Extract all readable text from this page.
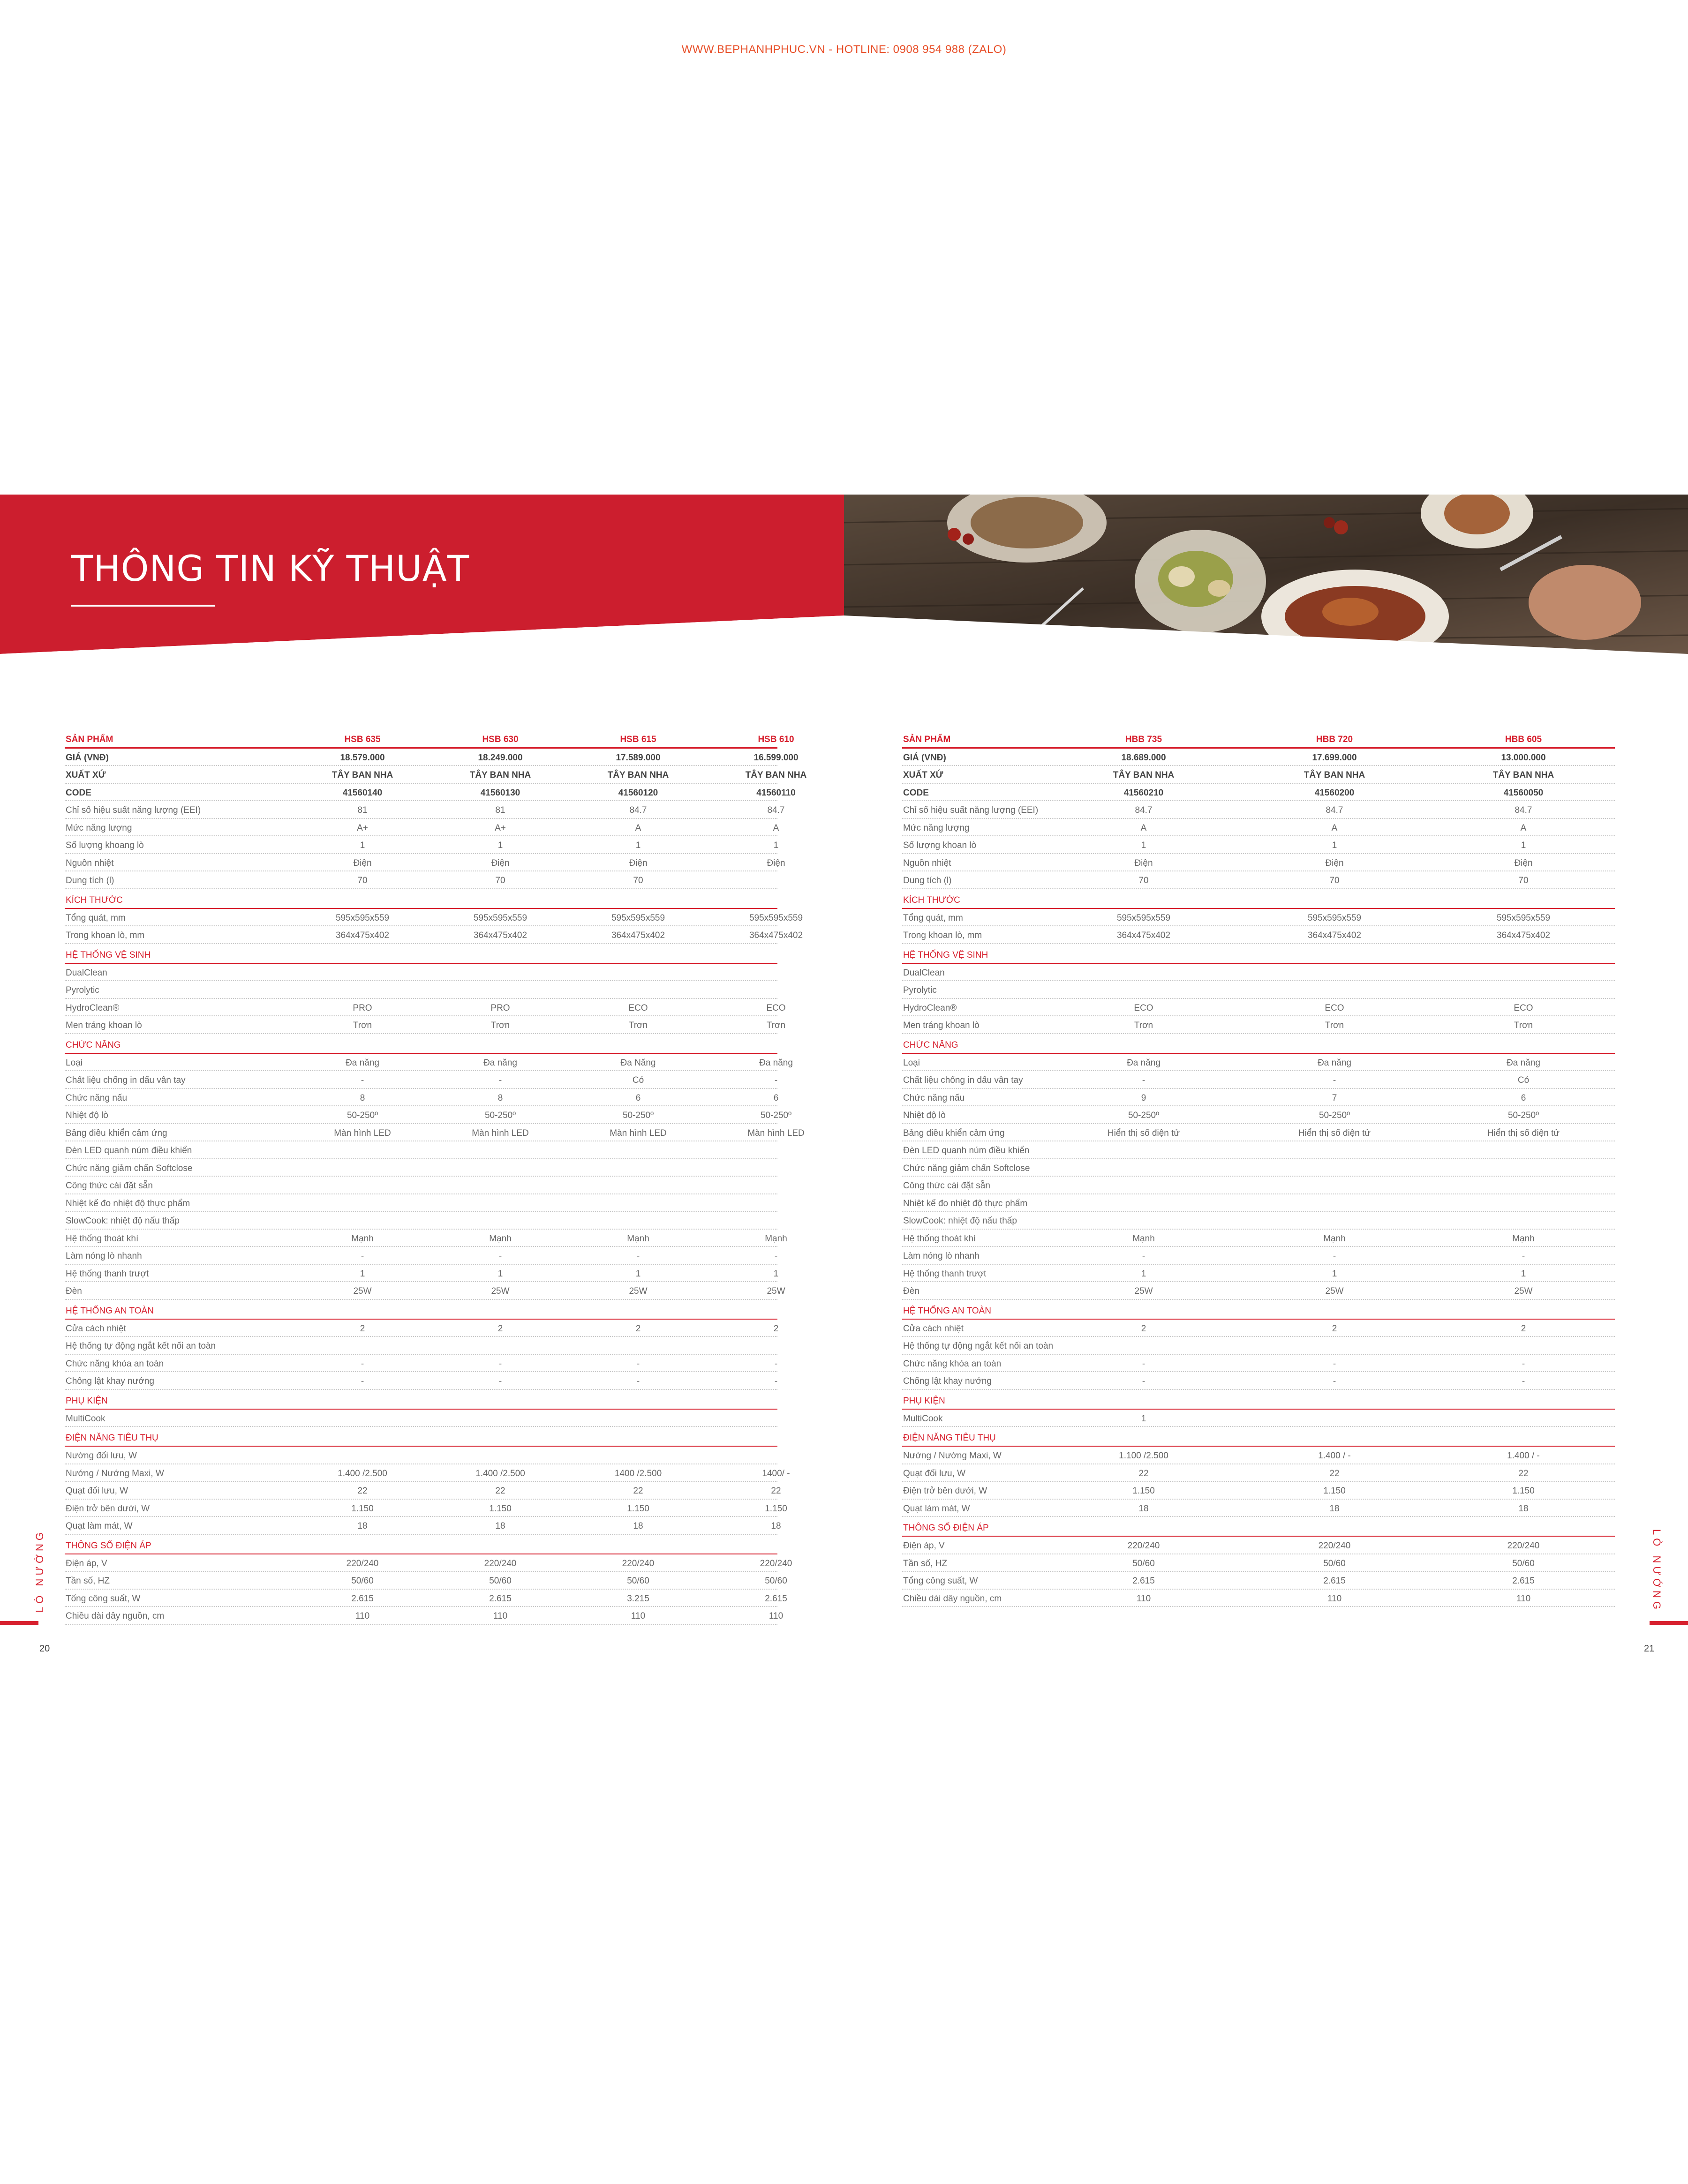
WWW.BEPHANHPHUC.VN - HOTLINE: 0908 954 988 (ZALO)
THÔNG TIN KỸ THUẬT
SẢN PHẨM	HSB 635	HSB 630	HSB 615	HSB 610
GIÁ (VNĐ)	18.579.000	18.249.000	17.589.000	16.599.000
XUẤT XỨ	TÂY BAN NHA	TÂY BAN NHA	TÂY BAN NHA	TÂY BAN NHA
CODE	41560140	41560130	41560120	41560110
Chỉ số hiệu suất năng lượng (EEI)	81	81	84.7	84.7
Mức năng lượng	A+	A+	A	A
Số lượng khoang lò	1	1	1	1
Nguồn nhiệt	Điện	Điện	Điện	Điện
Dung tích (l)	70	70	70
KÍCH THƯỚC
Tổng quát, mm	595x595x559	595x595x559	595x595x559	595x595x559
Trong khoan lò, mm	364x475x402	364x475x402	364x475x402	364x475x402
HỆ THỐNG VỆ SINH
DualClean
Pyrolytic
HydroClean®	PRO	PRO	ECO	ECO
Men tráng khoan lò	Trơn	Trơn	Trơn	Trơn
CHỨC NĂNG
Loại	Đa năng	Đa năng	Đa Năng	Đa năng
Chất liệu chống in dấu vân tay	-	-	Có	-
Chức năng nấu	8	8	6	6
Nhiệt độ lò	50-250º	50-250º	50-250º	50-250º
Bảng điều khiển cảm ứng	Màn hình LED	Màn hình LED	Màn hình LED	Màn hình LED
Đèn LED quanh núm điều khiển
Chức năng giảm chấn Softclose
Công thức cài đặt sẵn
Nhiệt kế đo nhiệt độ thực phẩm
SlowCook: nhiệt độ nấu thấp
Hệ thống thoát khí	Mạnh	Mạnh	Mạnh	Mạnh
Làm nóng lò nhanh	-	-	-	-
Hệ thống thanh trượt	1	1	1	1
Đèn	25W	25W	25W	25W
HỆ THỐNG AN TOÀN
Cửa cách nhiệt	2	2	2	2
Hệ thống tự động ngắt kết nối an toàn
Chức năng khóa an toàn	-	-	-	-
Chống lật khay nướng	-	-	-	-
PHỤ KIỆN
MultiCook
ĐIỆN NĂNG TIÊU THỤ
Nướng đối lưu, W
Nướng / Nướng Maxi, W	1.400 /2.500	1.400 /2.500	1400 /2.500	1400/ -
Quạt đối lưu, W	22	22	22	22
Điện trở bên dưới, W	1.150	1.150	1.150	1.150
Quạt làm mát, W	18	18	18	18
THÔNG SỐ ĐIỆN ÁP
Điện áp, V	220/240	220/240	220/240	220/240
Tần số, HZ	50/60	50/60	50/60	50/60
Tổng công suất, W	2.615	2.615	3.215	2.615
Chiều dài dây nguồn, cm	110	110	110	110
SẢN PHẨM	HBB 735	HBB 720	HBB 605
GIÁ (VNĐ)	18.689.000	17.699.000	13.000.000
XUẤT XỨ	TÂY BAN NHA	TÂY BAN NHA	TÂY BAN NHA
CODE	41560210	41560200	41560050
Chỉ số hiệu suất năng lượng (EEI)	84.7	84.7	84.7
Mức năng lượng	A	A	A
Số lượng khoan lò	1	1	1
Nguồn nhiệt	Điện	Điện	Điện
Dung tích (l)	70	70	70
KÍCH THƯỚC
Tổng quát, mm	595x595x559	595x595x559	595x595x559
Trong khoan lò, mm	364x475x402	364x475x402	364x475x402
HỆ THỐNG VỆ SINH
DualClean
Pyrolytic
HydroClean®	ECO	ECO	ECO
Men tráng khoan lò	Trơn	Trơn	Trơn
CHỨC NĂNG
Loại	Đa năng	Đa năng	Đa năng
Chất liệu chống in dấu vân tay	-	-	Có
Chức năng nấu	9	7	6
Nhiệt độ lò	50-250º	50-250º	50-250º
Bảng điều khiển cảm ứng	Hiển thị số điện tử	Hiển thị số điện tử	Hiển thị số điện tử
Đèn LED quanh núm điều khiển
Chức năng giảm chấn Softclose
Công thức cài đặt sẵn
Nhiệt kế đo nhiệt độ thực phẩm
SlowCook: nhiệt độ nấu thấp
Hệ thống thoát khí	Mạnh	Mạnh	Mạnh
Làm nóng lò nhanh	-	-	-
Hệ thống thanh trượt	1	1	1
Đèn	25W	25W	25W
HỆ THỐNG AN TOÀN
Cửa cách nhiệt	2	2	2
Hệ thống tự động ngắt kết nối an toàn
Chức năng khóa an toàn	-	-	-
Chống lật khay nướng	-	-	-
PHỤ KIỆN
MultiCook	1
ĐIỆN NĂNG TIÊU THỤ
Nướng / Nướng Maxi, W	1.100 /2.500	1.400 / -	1.400 / -
Quạt đối lưu, W	22	22	22
Điện trở bên dưới, W	1.150	1.150	1.150
Quạt làm mát, W	18	18	18
THÔNG SỐ ĐIỆN ÁP
Điện áp, V	220/240	220/240	220/240
Tần số, HZ	50/60	50/60	50/60
Tổng công suất, W	2.615	2.615	2.615
Chiều dài dây nguồn, cm	110	110	110
LÒ NƯỚNG
20
LÒ NƯỚNG
21
